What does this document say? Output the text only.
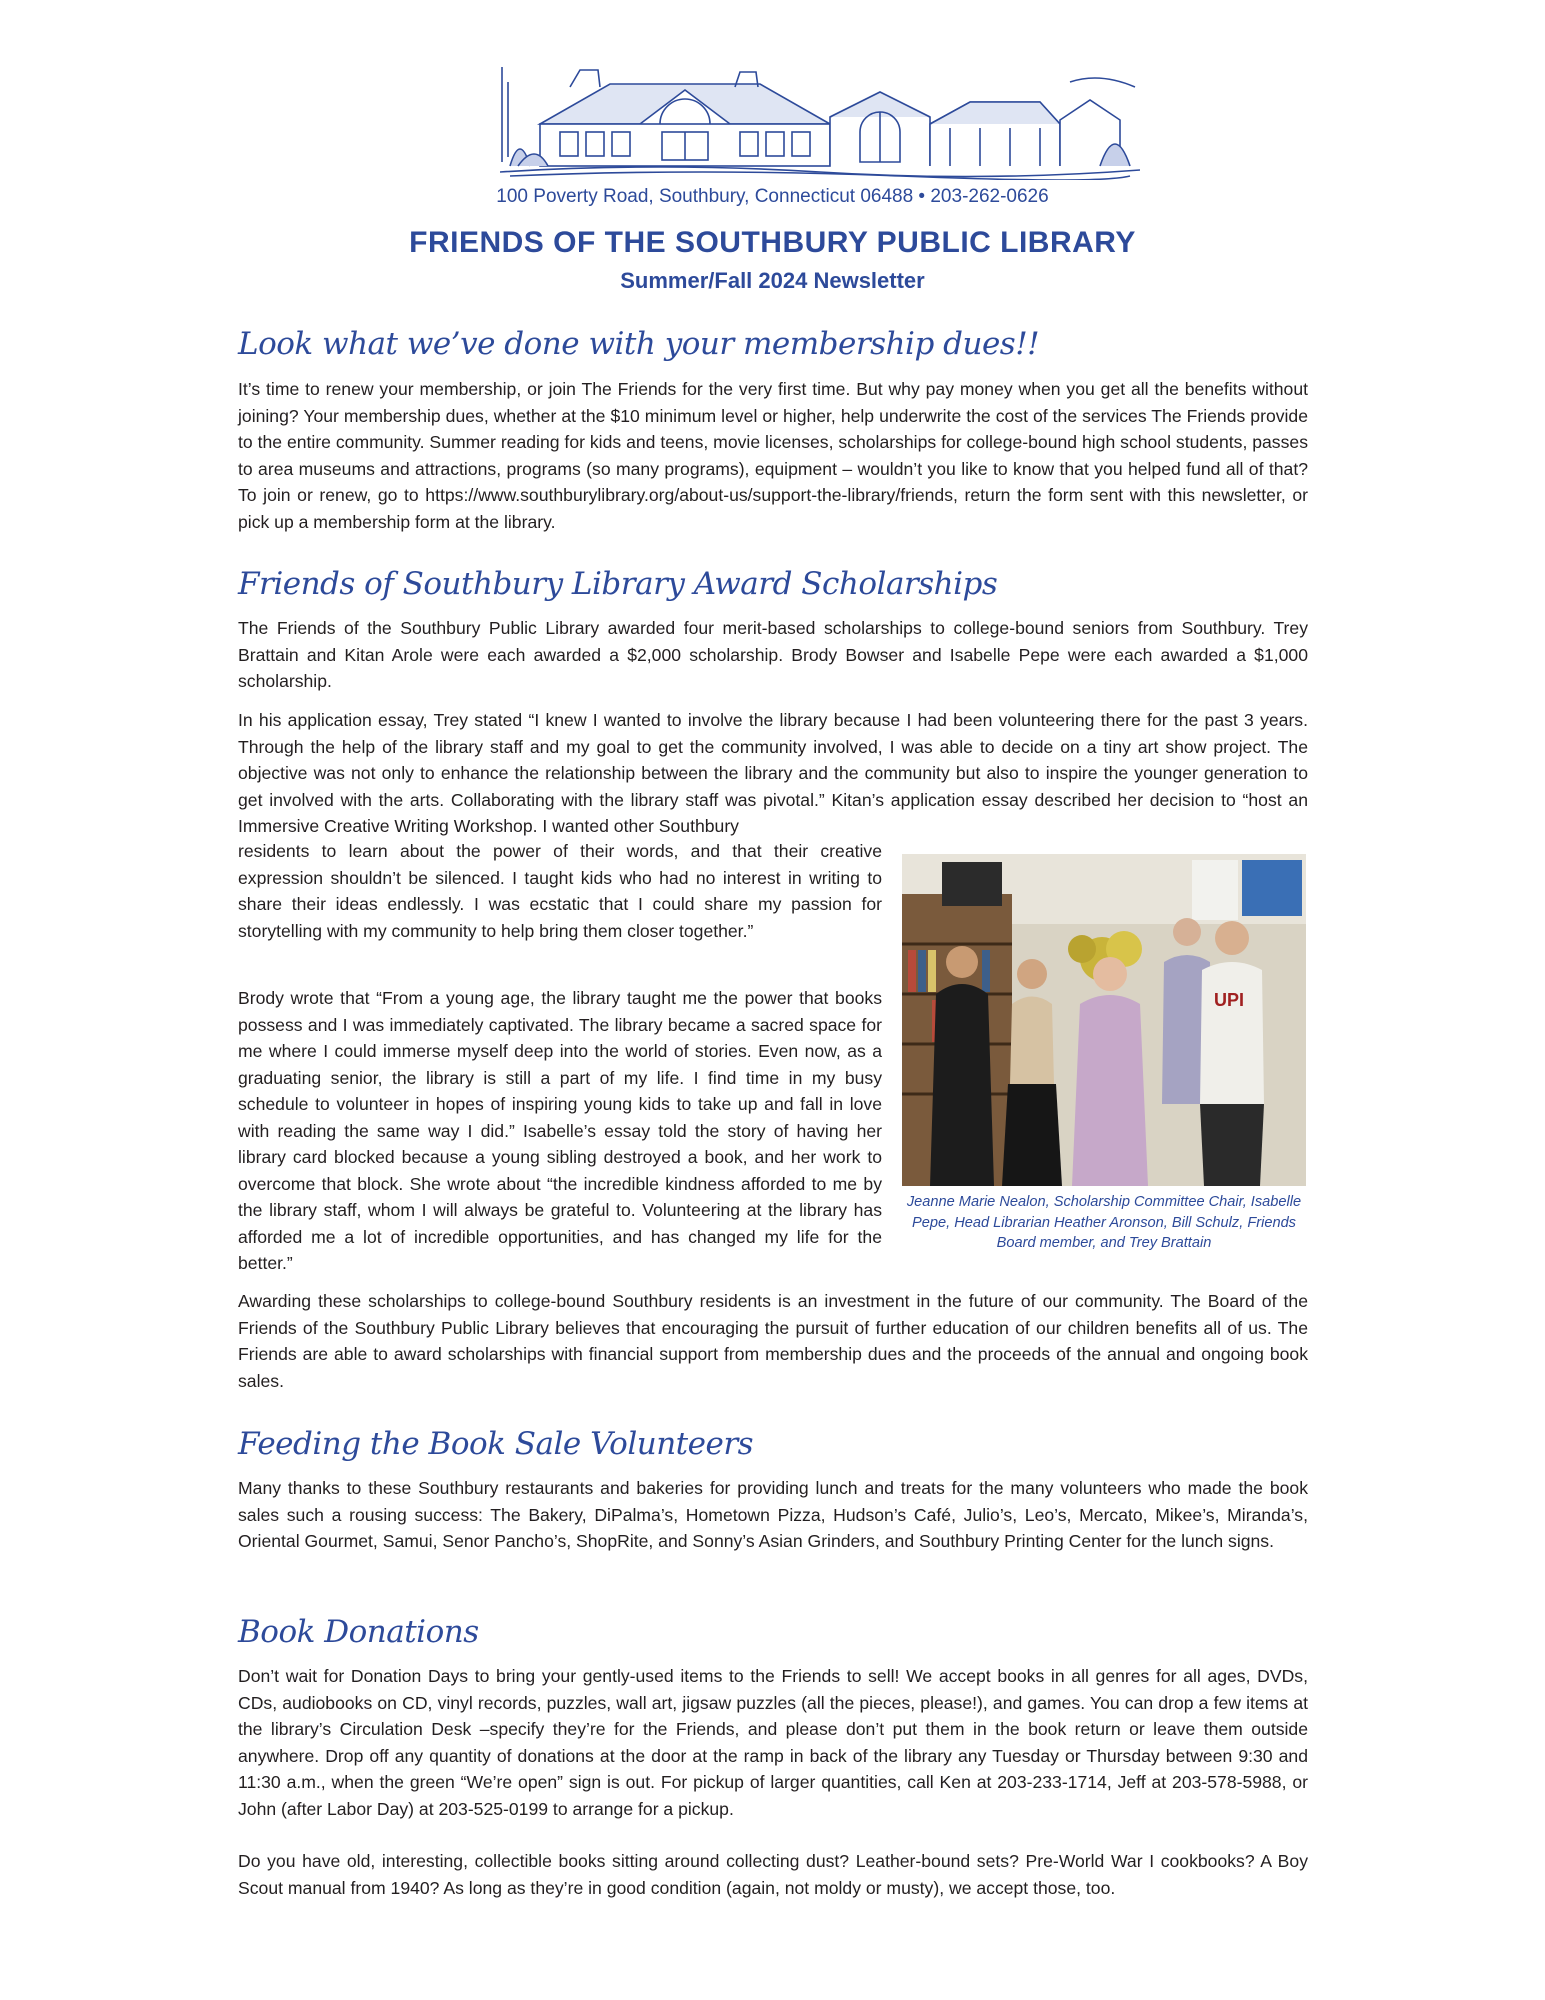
100 Poverty Road, Southbury, Connecticut 06488 • 203-262-0626
FRIENDS OF THE SOUTHBURY PUBLIC LIBRARY
Summer/Fall 2024 Newsletter
Look what we’ve done with your membership dues!!

It’s time to renew your membership, or join The Friends for the very first time. But why pay money when you get all the benefits without joining? Your membership dues, whether at the $10 minimum level or higher, help underwrite the cost of the services The Friends provide to the entire community. Summer reading for kids and teens, movie licenses, scholarships for college-bound high school students, passes to area museums and attractions, programs (so many programs), equipment – wouldn’t you like to know that you helped fund all of that? To join or renew, go to https://www.southburylibrary.org/about-us/support-the-library/friends, return the form sent with this newsletter, or pick up a membership form at the library.

Friends of Southbury Library Award Scholarships

The Friends of the Southbury Public Library awarded four merit-based scholarships to college-bound seniors from Southbury. Trey Brattain and Kitan Arole were each awarded a $2,000 scholarship. Brody Bowser and Isabelle Pepe were each awarded a $1,000 scholarship.

In his application essay, Trey stated “I knew I wanted to involve the library because I had been volunteering there for the past 3 years. Through the help of the library staff and my goal to get the community involved, I was able to decide on a tiny art show project. The objective was not only to enhance the relationship between the library and the community but also to inspire the younger generation to get involved with the arts. Collaborating with the library staff was pivotal.” Kitan’s application essay described her decision to “host an Immersive Creative Writing Workshop. I wanted other Southbury

residents to learn about the power of their words, and that their creative expression shouldn’t be silenced. I taught kids who had no interest in writing to share their ideas endlessly. I was ecstatic that I could share my passion for storytelling with my community to help bring them closer together.”

Brody wrote that “From a young age, the library taught me the power that books possess and I was immediately captivated. The library became a sacred space for me where I could immerse myself deep into the world of stories. Even now, as a graduating senior, the library is still a part of my life. I find time in my busy schedule to volunteer in hopes of inspiring young kids to take up and fall in love with reading the same way I did.” Isabelle’s essay told the story of having her library card blocked because a young sibling destroyed a book, and her work to overcome that block. She wrote about “the incredible kindness afforded to me by the library staff, whom I will always be grateful to. Volunteering at the library has afforded me a lot of incredible opportunities, and has changed my life for the better.”

UPI

Jeanne Marie Nealon, Scholarship Committee Chair, Isabelle Pepe, Head Librarian Heather Aronson, Bill Schulz, Friends Board member, and Trey Brattain

Awarding these scholarships to college-bound Southbury residents is an investment in the future of our community. The Board of the Friends of the Southbury Public Library believes that encouraging the pursuit of further education of our children benefits all of us. The Friends are able to award scholarships with financial support from membership dues and the proceeds of the annual and ongoing book sales.

Feeding the Book Sale Volunteers

Many thanks to these Southbury restaurants and bakeries for providing lunch and treats for the many volunteers who made the book sales such a rousing success: The Bakery, DiPalma’s, Hometown Pizza, Hudson’s Café, Julio’s, Leo’s, Mercato, Mikee’s, Miranda’s, Oriental Gourmet, Samui, Senor Pancho’s, ShopRite, and Sonny’s Asian Grinders, and Southbury Printing Center for the lunch signs.

Book Donations

Don’t wait for Donation Days to bring your gently-used items to the Friends to sell! We accept books in all genres for all ages, DVDs, CDs, audiobooks on CD, vinyl records, puzzles, wall art, jigsaw puzzles (all the pieces, please!), and games. You can drop a few items at the library’s Circulation Desk –specify they’re for the Friends, and please don’t put them in the book return or leave them outside anywhere. Drop off any quantity of donations at the door at the ramp in back of the library any Tuesday or Thursday between 9:30 and 11:30 a.m., when the green “We’re open” sign is out. For pickup of larger quantities, call Ken at 203-233-1714, Jeff at 203-578-5988, or John (after Labor Day) at 203-525-0199 to arrange for a pickup.

Do you have old, interesting, collectible books sitting around collecting dust? Leather-bound sets? Pre-World War I cookbooks? A Boy Scout manual from 1940? As long as they’re in good condition (again, not moldy or musty), we accept those, too.
